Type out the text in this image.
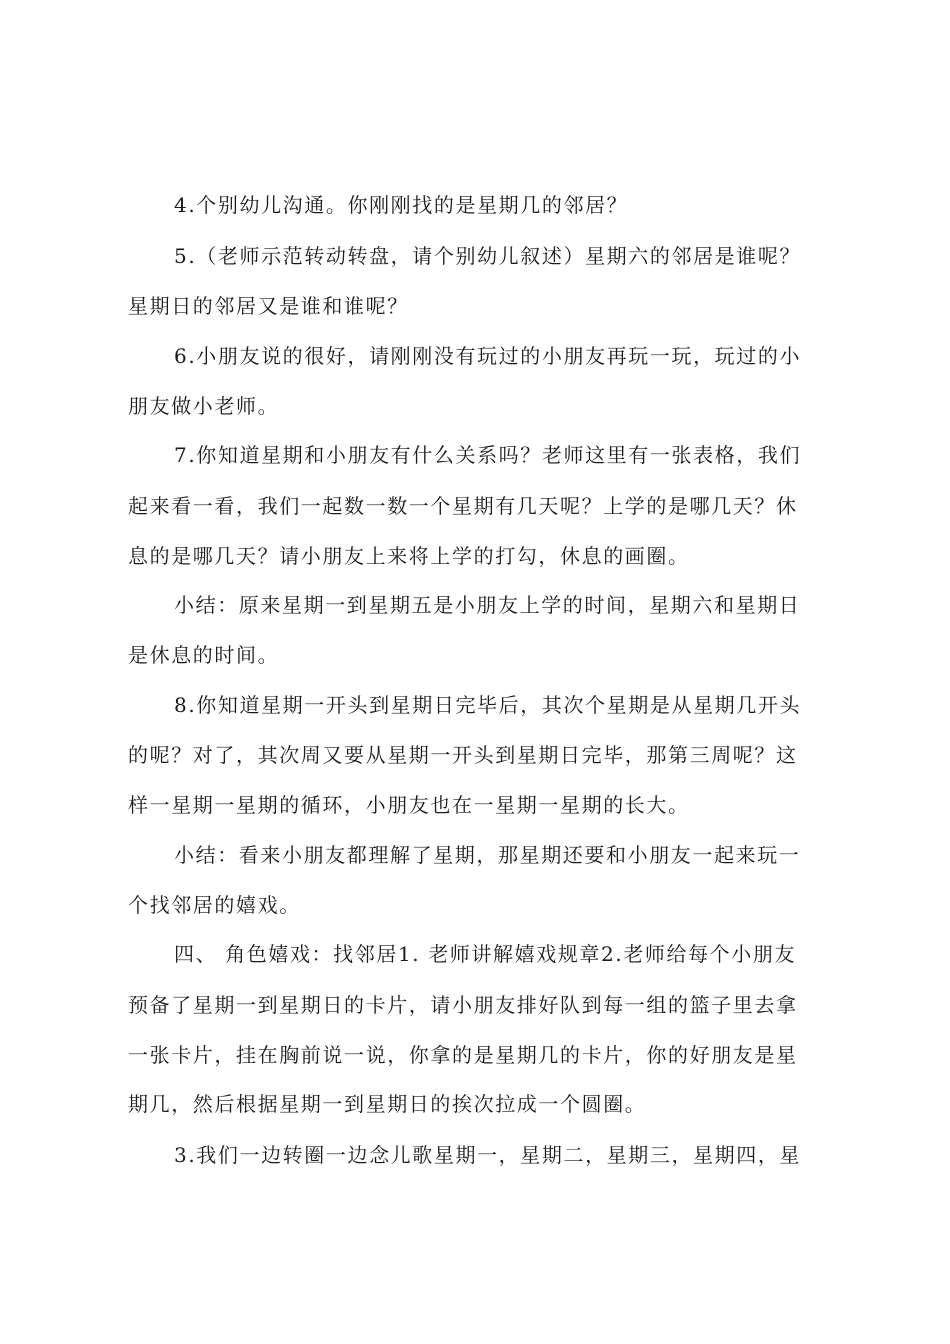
4.个别幼儿沟通。你刚刚找的是星期几的邻居？
5.（老师示范转动转盘，请个别幼儿叙述）星期六的邻居是谁呢？
星期日的邻居又是谁和谁呢？
6.小朋友说的很好，请刚刚没有玩过的小朋友再玩一玩，玩过的小
朋友做小老师。
7.你知道星期和小朋友有什么关系吗？老师这里有一张表格，我们
起来看一看，我们一起数一数一个星期有几天呢？上学的是哪几天？休
息的是哪几天？请小朋友上来将上学的打勾，休息的画圈。
小结：原来星期一到星期五是小朋友上学的时间，星期六和星期日
是休息的时间。
8.你知道星期一开头到星期日完毕后，其次个星期是从星期几开头
的呢？对了，其次周又要从星期一开头到星期日完毕，那第三周呢？这
样一星期一星期的循环，小朋友也在一星期一星期的长大。
小结：看来小朋友都理解了星期，那星期还要和小朋友一起来玩一
个找邻居的嬉戏。
四、 角色嬉戏：找邻居1. 老师讲解嬉戏规章2.老师给每个小朋友
预备了星期一到星期日的卡片，请小朋友排好队到每一组的篮子里去拿
一张卡片，挂在胸前说一说，你拿的是星期几的卡片，你的好朋友是星
期几，然后根据星期一到星期日的挨次拉成一个圆圈。
3.我们一边转圈一边念儿歌星期一，星期二，星期三，星期四，星
